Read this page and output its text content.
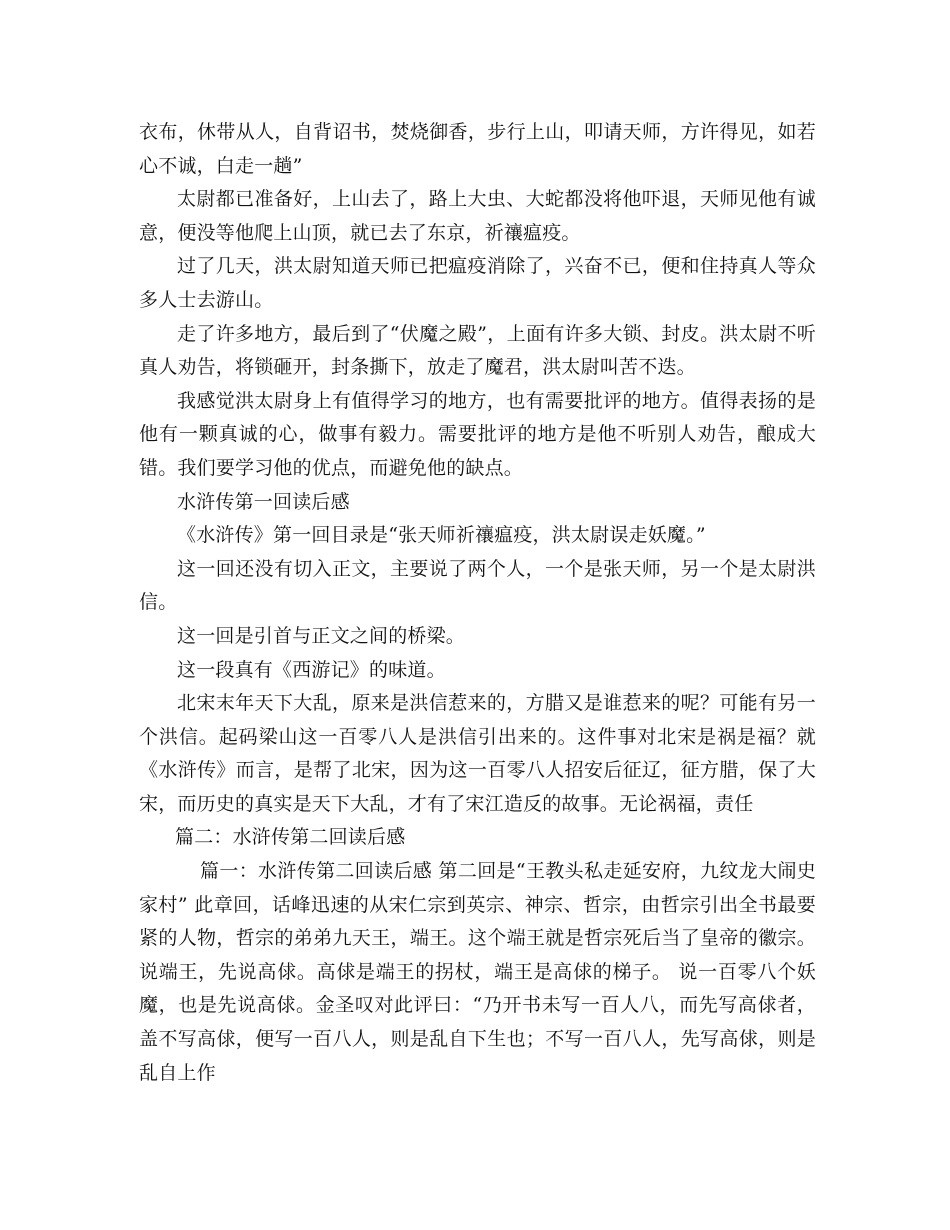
衣布，休带从人，自背诏书，焚烧御香，步行上山，叩请天师，方许得见，如若心不诚，白走一趟”

太尉都已准备好，上山去了，路上大虫、大蛇都没将他吓退，天师见他有诚意，便没等他爬上山顶，就已去了东京，祈禳瘟疫。

过了几天，洪太尉知道天师已把瘟疫消除了，兴奋不已，便和住持真人等众多人士去游山。

走了许多地方，最后到了“伏魔之殿”，上面有许多大锁、封皮。洪太尉不听真人劝告，将锁砸开，封条撕下，放走了魔君，洪太尉叫苦不迭。

我感觉洪太尉身上有值得学习的地方，也有需要批评的地方。值得表扬的是他有一颗真诚的心，做事有毅力。需要批评的地方是他不听别人劝告，酿成大错。我们要学习他的优点，而避免他的缺点。

水浒传第一回读后感

《水浒传》第一回目录是“张天师祈禳瘟疫，洪太尉误走妖魔。”

这一回还没有切入正文，主要说了两个人，一个是张天师，另一个是太尉洪信。

这一回是引首与正文之间的桥梁。

这一段真有《西游记》的味道。

北宋末年天下大乱，原来是洪信惹来的，方腊又是谁惹来的呢？可能有另一个洪信。起码梁山这一百零八人是洪信引出来的。这件事对北宋是祸是福？就《水浒传》而言，是帮了北宋，因为这一百零八人招安后征辽，征方腊，保了大宋，而历史的真实是天下大乱，才有了宋江造反的故事。无论祸福，责任

篇二：水浒传第二回读后感

篇一：水浒传第二回读后感 第二回是“王教头私走延安府，九纹龙大闹史家村” 此章回，话峰迅速的从宋仁宗到英宗、神宗、哲宗，由哲宗引出全书最要紧的人物，哲宗的弟弟九天王，端王。这个端王就是哲宗死后当了皇帝的徽宗。说端王，先说高俅。高俅是端王的拐杖，端王是高俅的梯子。 说一百零八个妖魔，也是先说高俅。金圣叹对此评曰：“乃开书未写一百人八，而先写高俅者，盖不写高俅，便写一百八人，则是乱自下生也；不写一百八人，先写高俅，则是乱自上作
